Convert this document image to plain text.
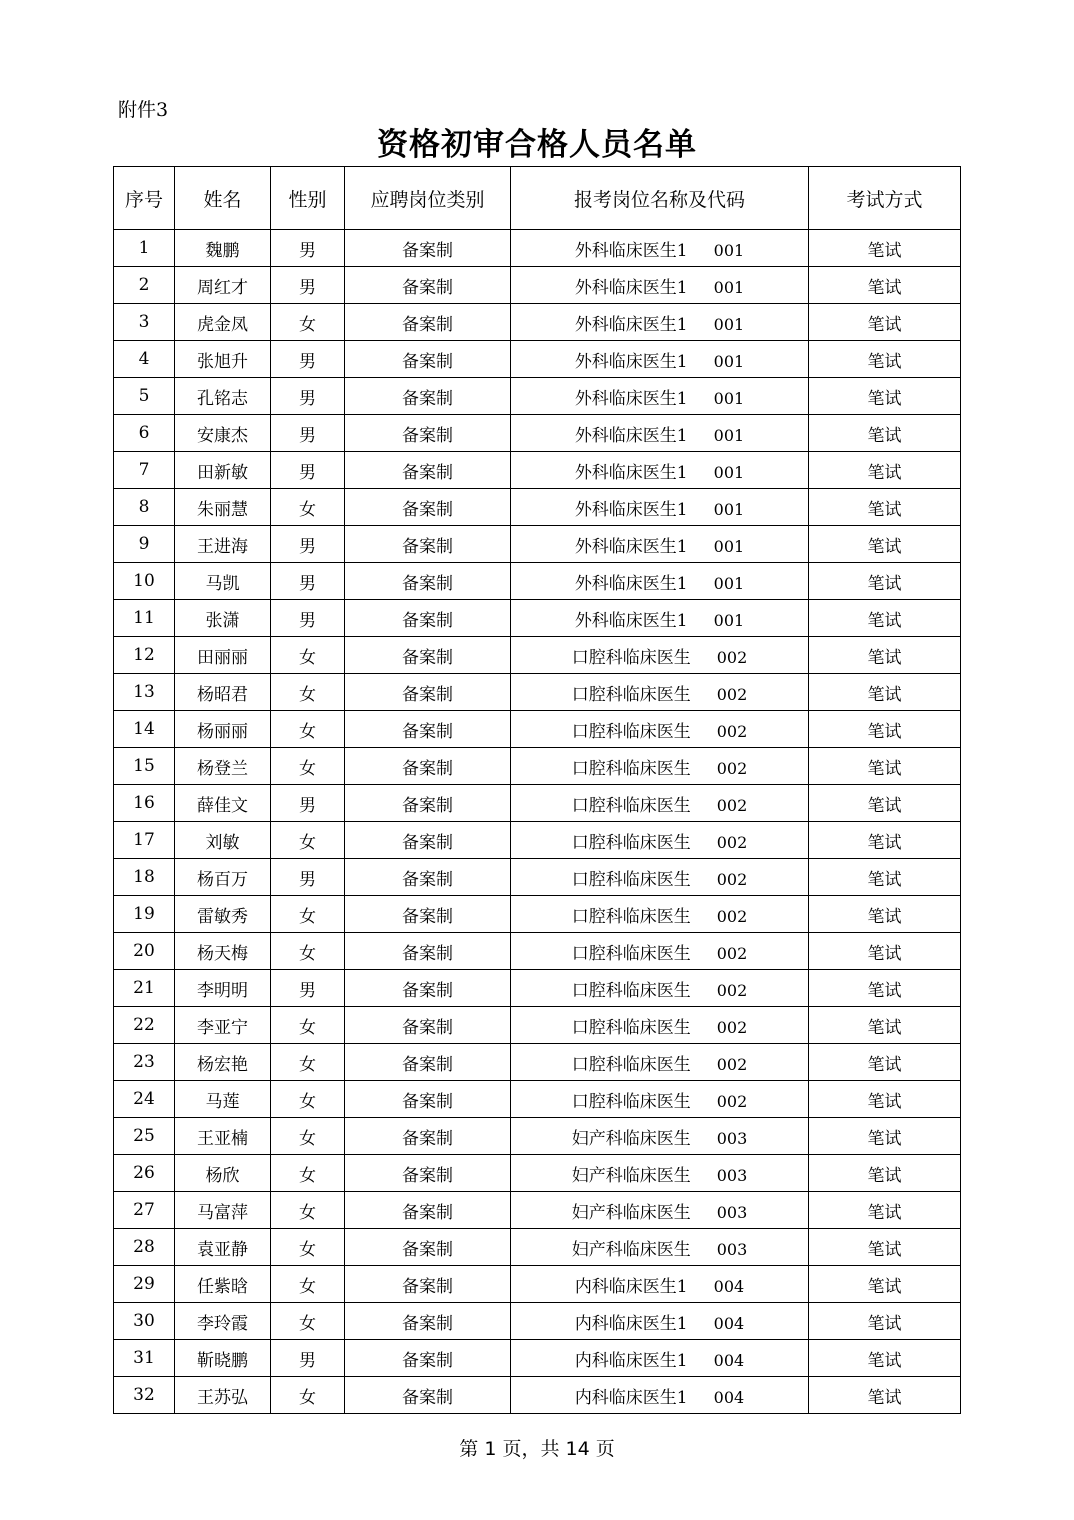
附件3
资格初审合格人员名单
序号	姓名	性别	应聘岗位类别	报考岗位名称及代码	考试方式
1	魏鹏	男	备案制	外科临床医生1 001	笔试
2	周红才	男	备案制	外科临床医生1 001	笔试
3	虎金凤	女	备案制	外科临床医生1 001	笔试
4	张旭升	男	备案制	外科临床医生1 001	笔试
5	孔铭志	男	备案制	外科临床医生1 001	笔试
6	安康杰	男	备案制	外科临床医生1 001	笔试
7	田新敏	男	备案制	外科临床医生1 001	笔试
8	朱丽慧	女	备案制	外科临床医生1 001	笔试
9	王进海	男	备案制	外科临床医生1 001	笔试
10	马凯	男	备案制	外科临床医生1 001	笔试
11	张潇	男	备案制	外科临床医生1 001	笔试
12	田丽丽	女	备案制	口腔科临床医生 002	笔试
13	杨昭君	女	备案制	口腔科临床医生 002	笔试
14	杨丽丽	女	备案制	口腔科临床医生 002	笔试
15	杨登兰	女	备案制	口腔科临床医生 002	笔试
16	薛佳文	男	备案制	口腔科临床医生 002	笔试
17	刘敏	女	备案制	口腔科临床医生 002	笔试
18	杨百万	男	备案制	口腔科临床医生 002	笔试
19	雷敏秀	女	备案制	口腔科临床医生 002	笔试
20	杨天梅	女	备案制	口腔科临床医生 002	笔试
21	李明明	男	备案制	口腔科临床医生 002	笔试
22	李亚宁	女	备案制	口腔科临床医生 002	笔试
23	杨宏艳	女	备案制	口腔科临床医生 002	笔试
24	马莲	女	备案制	口腔科临床医生 002	笔试
25	王亚楠	女	备案制	妇产科临床医生 003	笔试
26	杨欣	女	备案制	妇产科临床医生 003	笔试
27	马富萍	女	备案制	妇产科临床医生 003	笔试
28	袁亚静	女	备案制	妇产科临床医生 003	笔试
29	任紫晗	女	备案制	内科临床医生1 004	笔试
30	李玲霞	女	备案制	内科临床医生1 004	笔试
31	靳晓鹏	男	备案制	内科临床医生1 004	笔试
32	王苏弘	女	备案制	内科临床医生1 004	笔试
第 1 页，共 14 页
